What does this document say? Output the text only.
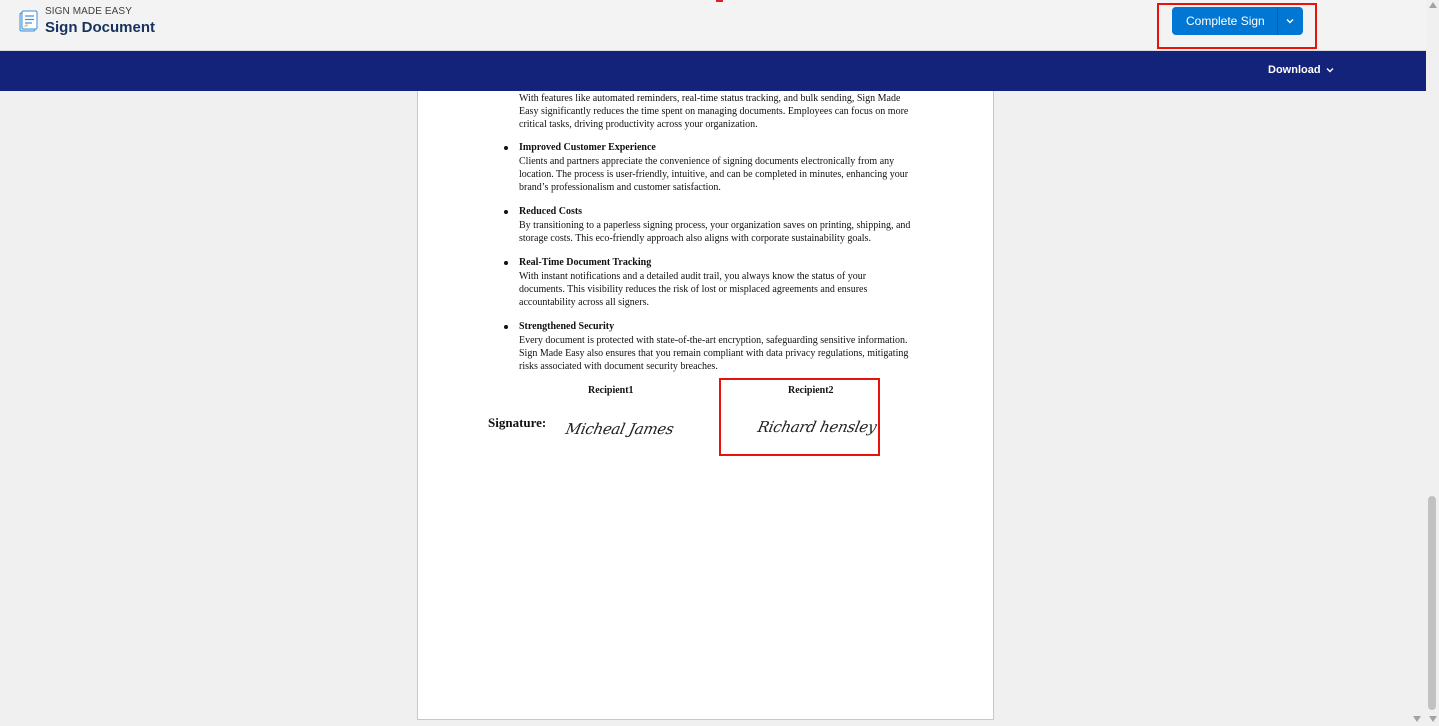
SIGN MADE EASY
Sign Document	Complete Sign
Download
With features like automated reminders, real-time status tracking, and bulk sending, Sign Made
Easy significantly reduces the time spent on managing documents. Employees can focus on more
critical tasks, driving productivity across your organization.
Improved Customer Experience
Clients and partners appreciate the convenience of signing documents electronically from any
location. The process is user-friendly, intuitive, and can be completed in minutes, enhancing your
brand’s professionalism and customer satisfaction.
Reduced Costs
By transitioning to a paperless signing process, your organization saves on printing, shipping, and
storage costs. This eco-friendly approach also aligns with corporate sustainability goals.
Real-Time Document Tracking
With instant notifications and a detailed audit trail, you always know the status of your
documents. This visibility reduces the risk of lost or misplaced agreements and ensures
accountability across all signers.
Strengthened Security
Every document is protected with state-of-the-art encryption, safeguarding sensitive information.
Sign Made Easy also ensures that you remain compliant with data privacy regulations, mitigating
risks associated with document security breaches.
Recipient1	Recipient2
Signature: Micheal James	Richard hensley
